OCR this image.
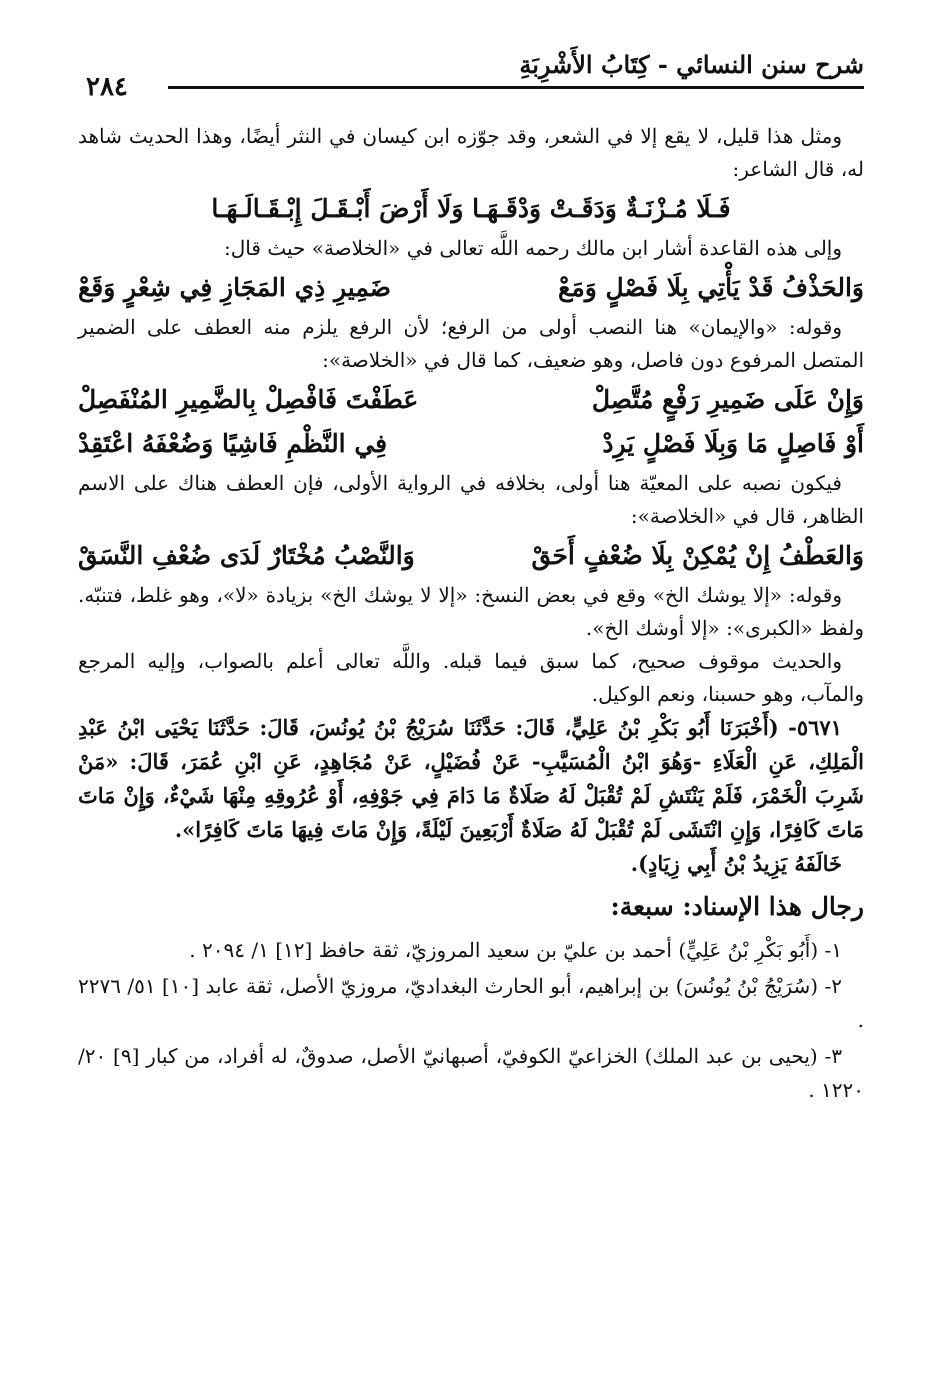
شرح سنن النسائي - كِتَابُ الأَشْرِبَةِ
٢٨٤

ومثل هذا قليل، لا يقع إلا في الشعر، وقد جوّزه ابن كيسان في النثر أيضًا، وهذا الحديث شاهد له، قال الشاعر:

فَـلَا مُـزْنَـةٌ وَدَقَـتْ وَدْقَـهَـا وَلَا أَرْضَ أَبْـقَـلَ إِبْـقَـالَـهَـا

وإلى هذه القاعدة أشار ابن مالك رحمه اللَّه تعالى في «الخلاصة» حيث قال:

وَالحَذْفُ قَدْ يَأْتِي بِلَا فَصْلٍ وَمَعْ
ضَمِيرِ ذِي المَجَازِ فِي شِعْرٍ وَقَعْ

وقوله: «والإيمان» هنا النصب أولى من الرفع؛ لأن الرفع يلزم منه العطف على الضمير المتصل المرفوع دون فاصل، وهو ضعيف، كما قال في «الخلاصة»:

وَإِنْ عَلَى ضَمِيرِ رَفْعٍ مُتَّصِلْ
عَطَفْتَ فَافْصِلْ بِالضَّمِيرِ المُنْفَصِلْ
أَوْ فَاصِلٍ مَا وَبِلَا فَصْلٍ يَرِدْ
فِي النَّظْمِ فَاشِيًا وَضُعْفَهُ اعْتَقِدْ

فيكون نصبه على المعيّة هنا أولى، بخلافه في الرواية الأولى، فإن العطف هناك على الاسم الظاهر، قال في «الخلاصة»:

وَالعَطْفُ إِنْ يُمْكِنْ بِلَا ضُعْفٍ أَحَقْ
وَالنَّصْبُ مُخْتَارٌ لَدَى ضُعْفِ النَّسَقْ

وقوله: «إلا يوشك الخ» وقع في بعض النسخ: «إلا لا يوشك الخ» بزيادة «لا»، وهو غلط، فتنبّه. ولفظ «الكبرى»: «إلا أوشك الخ».

والحديث موقوف صحيح، كما سبق فيما قبله. واللَّه تعالى أعلم بالصواب، وإليه المرجع والمآب، وهو حسبنا، ونعم الوكيل.

٥٦٧١- (أَخْبَرَنَا أَبُو بَكْرِ بْنُ عَلِيٍّ، قَالَ: حَدَّثَنَا سُرَيْجُ بْنُ يُونُسَ، قَالَ: حَدَّثَنَا يَحْيَى ابْنُ عَبْدِ الْمَلِكِ، عَنِ الْعَلَاءِ -وَهُوَ ابْنُ الْمُسَيَّبِ- عَنْ فُضَيْلٍ، عَنْ مُجَاهِدٍ، عَنِ ابْنِ عُمَرَ، قَالَ: «مَنْ شَرِبَ الْخَمْرَ، فَلَمْ يَنْتَشِ لَمْ تُقْبَلْ لَهُ صَلَاةٌ مَا دَامَ فِي جَوْفِهِ، أَوْ عُرُوقِهِ مِنْهَا شَيْءٌ، وَإِنْ مَاتَ مَاتَ كَافِرًا، وَإِنِ انْتَشَى لَمْ تُقْبَلْ لَهُ صَلَاةٌ أَرْبَعِينَ لَيْلَةً، وَإِنْ مَاتَ فِيهَا مَاتَ كَافِرًا».

خَالَفَهُ يَزِيدُ بْنُ أَبِي زِيَادٍ).

رجال هذا الإسناد: سبعة:

١- (أَبُو بَكْرِ بْنُ عَلِيٍّ) أحمد بن عليّ بن سعيد المروزيّ، ثقة حافظ [١٢] ١/ ٢٠٩٤ .

٢- (سُرَيْجُ بْنُ يُونُسَ) بن إبراهيم، أبو الحارث البغداديّ، مروزيّ الأصل، ثقة عابد [١٠] ٥١/ ٢٢٧٦ .

٣- (يحيى بن عبد الملك) الخزاعيّ الكوفيّ، أصبهانيّ الأصل، صدوقٌ، له أفراد، من كبار [٩] ٢٠/ ١٢٢٠ .
